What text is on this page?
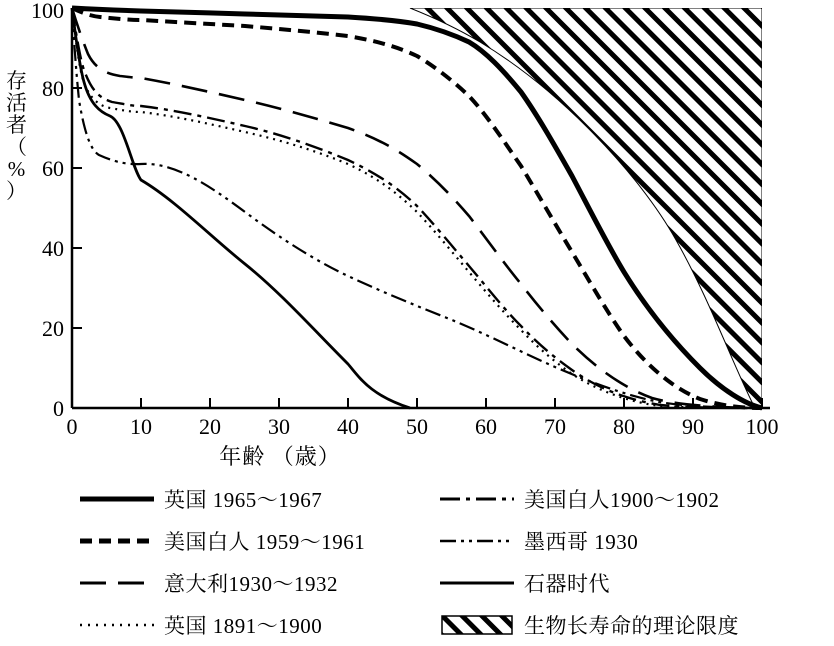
存
活
者
（
%
）
0 10 20 30 40 50 60 70 80 90 100
0
20
40
60
80
100
年齢 （歳）
英国 1965～1967	美国白人1900～1902
美国白人 1959～1961	墨西哥 1930
意大利1930～1932	石器时代
英国 1891～1900	生物长寿命的理论限度
